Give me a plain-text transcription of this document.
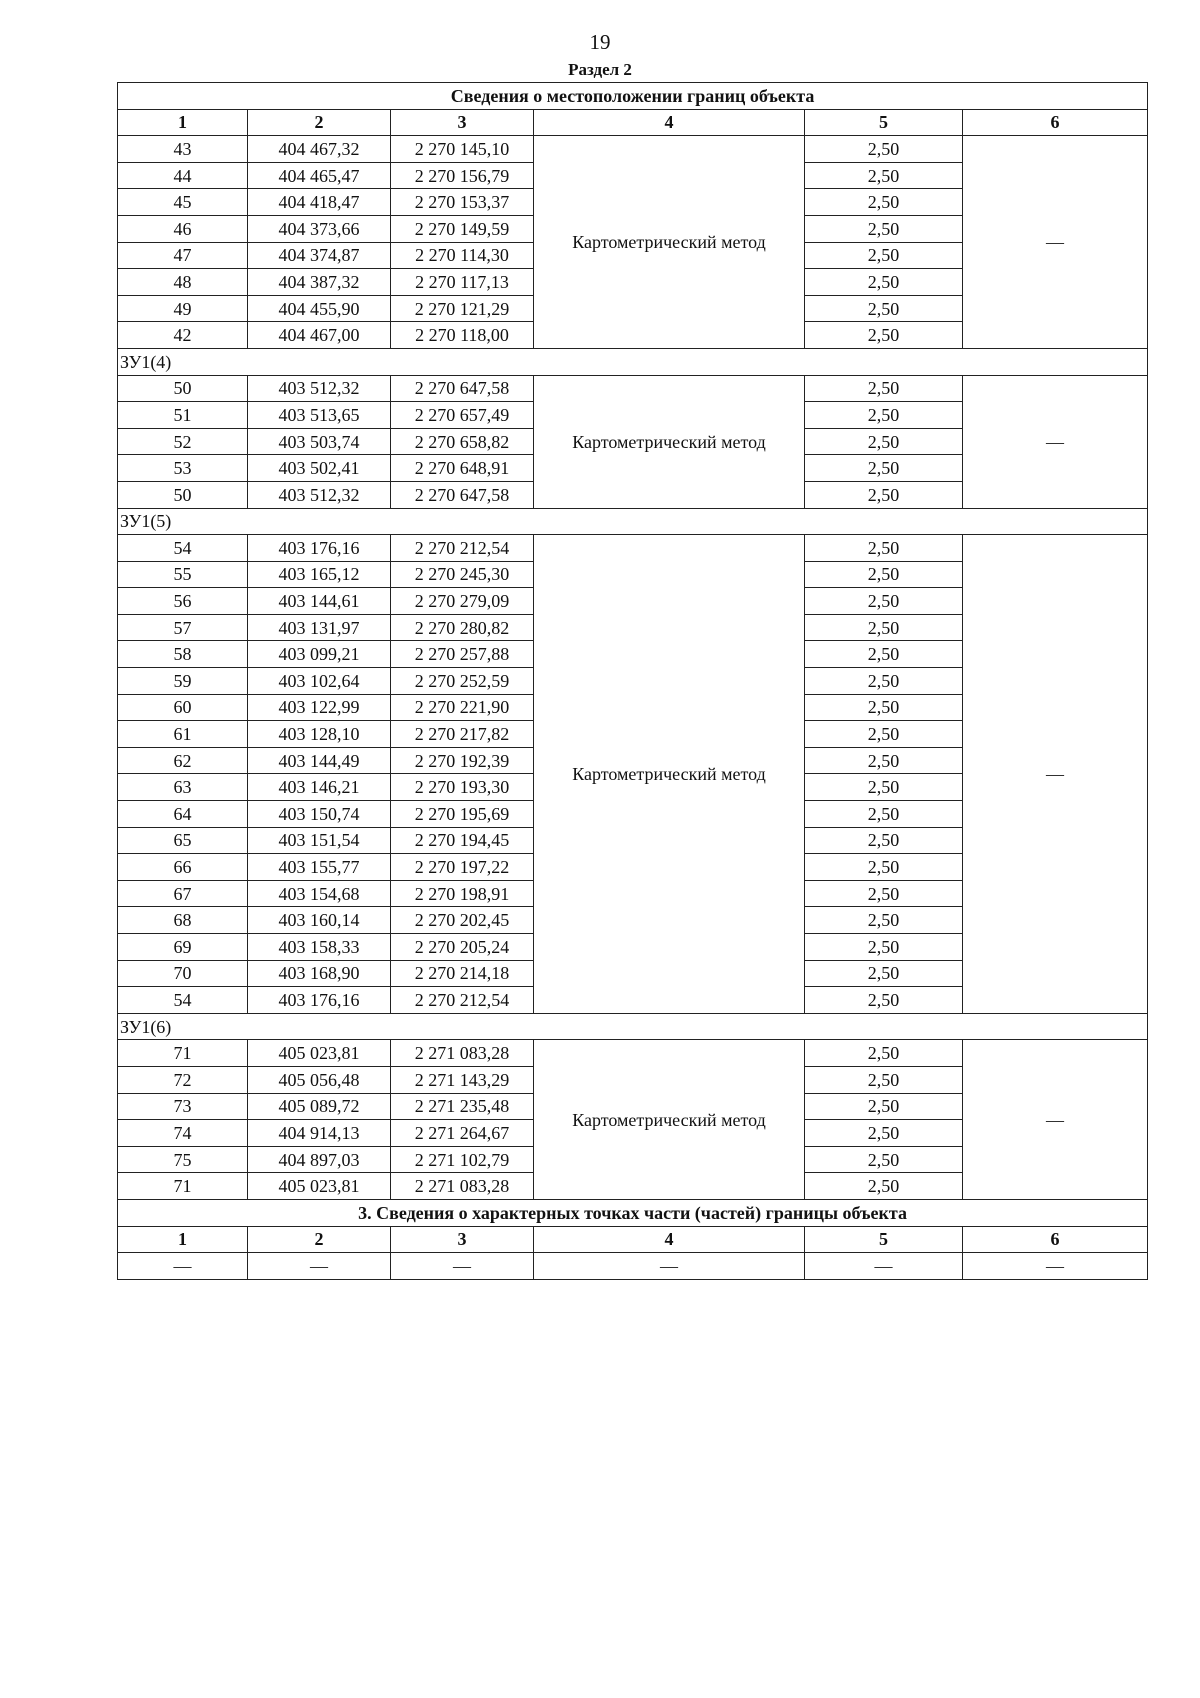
19
Раздел 2
Сведения о местоположении границ объекта					
1	2	3	4	5	6
43	404 467,32	2 270 145,10	Картометрический метод	2,50	—
44	404 465,47	2 270 156,79		2,50	
45	404 418,47	2 270 153,37		2,50	
46	404 373,66	2 270 149,59		2,50	
47	404 374,87	2 270 114,30		2,50	
48	404 387,32	2 270 117,13		2,50	
49	404 455,90	2 270 121,29		2,50	
42	404 467,00	2 270 118,00		2,50	
ЗУ1(4)					
50	403 512,32	2 270 647,58	Картометрический метод	2,50	—
51	403 513,65	2 270 657,49		2,50	
52	403 503,74	2 270 658,82		2,50	
53	403 502,41	2 270 648,91		2,50	
50	403 512,32	2 270 647,58		2,50	
ЗУ1(5)					
54	403 176,16	2 270 212,54	Картометрический метод	2,50	—
55	403 165,12	2 270 245,30		2,50	
56	403 144,61	2 270 279,09		2,50	
57	403 131,97	2 270 280,82		2,50	
58	403 099,21	2 270 257,88		2,50	
59	403 102,64	2 270 252,59		2,50	
60	403 122,99	2 270 221,90		2,50	
61	403 128,10	2 270 217,82		2,50	
62	403 144,49	2 270 192,39		2,50	
63	403 146,21	2 270 193,30		2,50	
64	403 150,74	2 270 195,69		2,50	
65	403 151,54	2 270 194,45		2,50	
66	403 155,77	2 270 197,22		2,50	
67	403 154,68	2 270 198,91		2,50	
68	403 160,14	2 270 202,45		2,50	
69	403 158,33	2 270 205,24		2,50	
70	403 168,90	2 270 214,18		2,50	
54	403 176,16	2 270 212,54		2,50	
ЗУ1(6)					
71	405 023,81	2 271 083,28	Картометрический метод	2,50	—
72	405 056,48	2 271 143,29		2,50	
73	405 089,72	2 271 235,48		2,50	
74	404 914,13	2 271 264,67		2,50	
75	404 897,03	2 271 102,79		2,50	
71	405 023,81	2 271 083,28		2,50	
3. Сведения о характерных точках части (частей) границы объекта					
1	2	3	4	5	6
—	—	—	—	—	—
